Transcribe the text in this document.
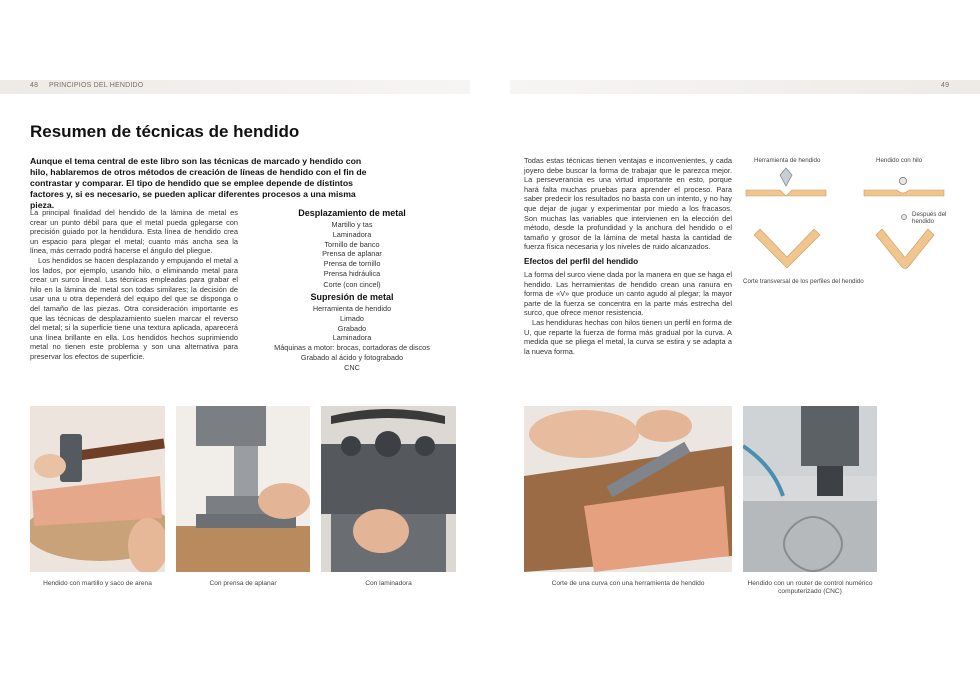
48 PRINCIPIOS DEL HENDIDO	49
Resumen de técnicas de hendido
Aunque el tema central de este libro son las técnicas de marcado y hendido con hilo, hablaremos de otros métodos de creación de líneas de hendido con el fin de contrastar y comparar. El tipo de hendido que se emplee depende de distintos factores y, si es necesario, se pueden aplicar diferentes procesos a una misma pieza.
La principal finalidad del hendido de la lámina de metal es crear un punto débil para que el metal pueda gplegarse con precisión guiado por la hendidura. Esta línea de hendido crea un espacio para plegar el metal; cuanto más ancha sea la línea, más cerrado podrá hacerse el ángulo del pliegue.
Los hendidos se hacen desplazando y empujando el metal a los lados, por ejemplo, usando hilo, o eliminando metal para crear un surco lineal. Las técnicas empleadas para grabar el hilo en la lámina de metal son todas similares; la decisión de usar una u otra dependerá del equipo del que se disponga o del tamaño de las piezas. Otra consideración importante es que las técnicas de desplazamiento suelen marcar el reverso del metal; si la superficie tiene una textura aplicada, aparecerá una línea brillante en ella. Los hendidos hechos suprimiendo metal no tienen este problema y son una alternativa para preservar los efectos de superficie.
Desplazamiento de metal
Martillo y tas
Laminadora
Tornillo de banco
Prensa de aplanar
Prensa de tornillo
Prensa hidráulica
Corte (con cincel)
Supresión de metal
Herramienta de hendido
Limado
Grabado
Laminadora
Máquinas a motor: brocas, cortadoras de discos
Grabado al ácido y fotograbado
CNC
Todas estas técnicas tienen ventajas e inconvenientes, y cada joyero debe buscar la forma de trabajar que le parezca mejor. La perseverancia es una virtud importante en esto, porque hará falta muchas pruebas para aprender el proceso. Para saber predecir los resultados no basta con un intento, y no hay que dejar de jugar y experimentar por miedo a los fracasos. Son muchas las variables que intervienen en la elección del método, desde la profundidad y la anchura del hendido o el tamaño y grosor de la lámina de metal hasta la cantidad de fuerza física necesaria y los niveles de ruido alcanzados.
Efectos del perfil del hendido
La forma del surco viene dada por la manera en que se haga el hendido. Las herramientas de hendido crean una ranura en forma de «V» que produce un canto agudo al plegar; la mayor parte de la fuerza se concentra en la parte más estrecha del surco, que ofrece menor resistencia.
Las hendiduras hechas con hilos tienen un perfil en forma de U, que reparte la fuerza de forma más gradual por la curva. A medida que se pliega el metal, la curva se estira y se adapta a la nueva forma.
Herramienta de hendido	Hendido con hilo
Después del hendido
Corte transversal de los perfiles del hendido
Hendido con martillo y saco de arena	Con prensa de aplanar	Con laminadora	Corte de una curva con una herramienta de hendido	Hendido con un router de control numérico computerizado (CNC)
